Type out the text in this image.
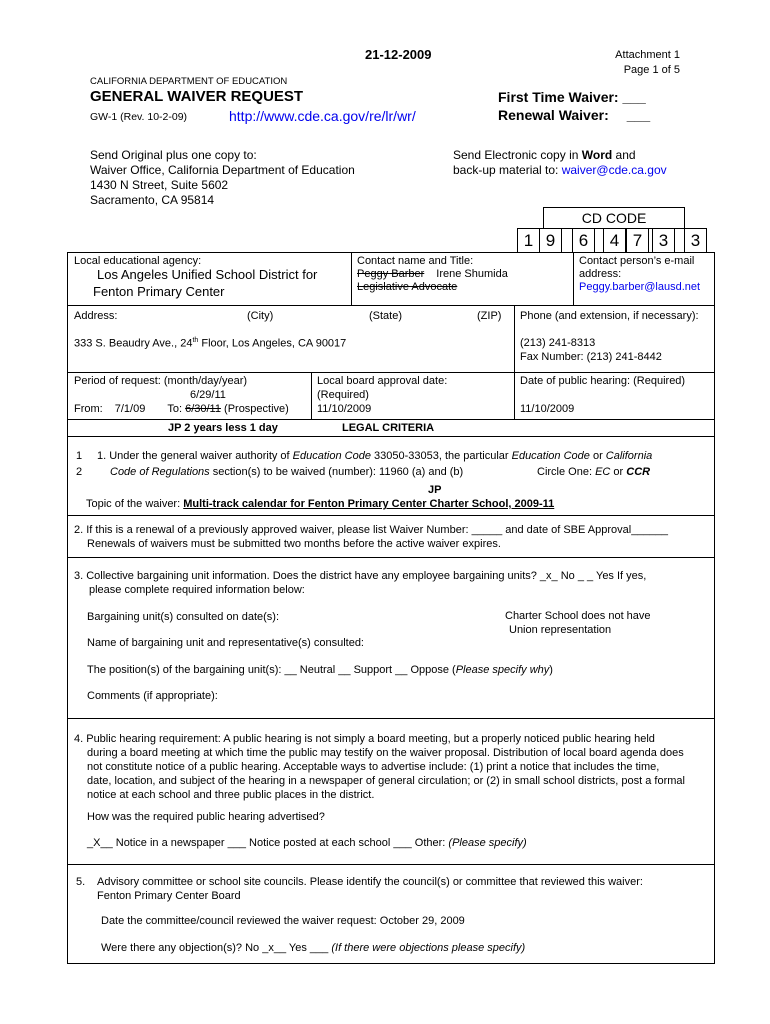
21-12-2009	Attachment 1
Page 1 of 5
CALIFORNIA DEPARTMENT OF EDUCATION
GENERAL WAIVER REQUEST
GW-1 (Rev. 10-2-09)	http://www.cde.ca.gov/re/lr/wr/
First Time Waiver: ___
Renewal Waiver: ___
Send Original plus one copy to:
Waiver Office, California Department of Education
1430 N Street, Suite 5602
Sacramento, CA 95814
Send Electronic copy in Word and
back-up material to: waiver@cde.ca.gov
CD CODE
1 9	6	4 7 3	3
Local educational agency:
Los Angeles Unified School District for
Fenton Primary Center
Contact name and Title:
Peggy Barber Irene Shumida
Legislative Advocate
Contact person’s e-mail
address:
Peggy.barber@lausd.net
Address:	(City)	(State)	(ZIP)
333 S. Beaudry Ave., 24th Floor, Los Angeles, CA 90017
Phone (and extension, if necessary):
(213) 241-8313
Fax Number: (213) 241-8442
Period of request: (month/day/year)
6/29/11
From: 7/1/09 To: 6/30/11 (Prospective)
Local board approval date:
(Required)
11/10/2009
Date of public hearing: (Required)
11/10/2009
JP 2 years less 1 day	LEGAL CRITERIA
1
2
1. Under the general waiver authority of Education Code 33050-33053, the particular Education Code or California
Code of Regulations section(s) to be waived (number): 11960 (a) and (b)	Circle One: EC or CCR
JP
Topic of the waiver: Multi-track calendar for Fenton Primary Center Charter School, 2009-11
2. If this is a renewal of a previously approved waiver, please list Waiver Number: _____ and date of SBE Approval______
Renewals of waivers must be submitted two months before the active waiver expires.
3. Collective bargaining unit information. Does the district have any employee bargaining units? _x_ No _ _ Yes If yes,
please complete required information below:
Bargaining unit(s) consulted on date(s):	Charter School does not have
Union representation
Name of bargaining unit and representative(s) consulted:
The position(s) of the bargaining unit(s): __ Neutral __ Support __ Oppose (Please specify why)
Comments (if appropriate):
4. Public hearing requirement: A public hearing is not simply a board meeting, but a properly noticed public hearing held
during a board meeting at which time the public may testify on the waiver proposal. Distribution of local board agenda does
not constitute notice of a public hearing. Acceptable ways to advertise include: (1) print a notice that includes the time,
date, location, and subject of the hearing in a newspaper of general circulation; or (2) in small school districts, post a formal
notice at each school and three public places in the district.
How was the required public hearing advertised?
_X__ Notice in a newspaper ___ Notice posted at each school ___ Other: (Please specify)
5. Advisory committee or school site councils. Please identify the council(s) or committee that reviewed this waiver:
Fenton Primary Center Board
Date the committee/council reviewed the waiver request: October 29, 2009
Were there any objection(s)? No _x__ Yes ___ (If there were objections please specify)
